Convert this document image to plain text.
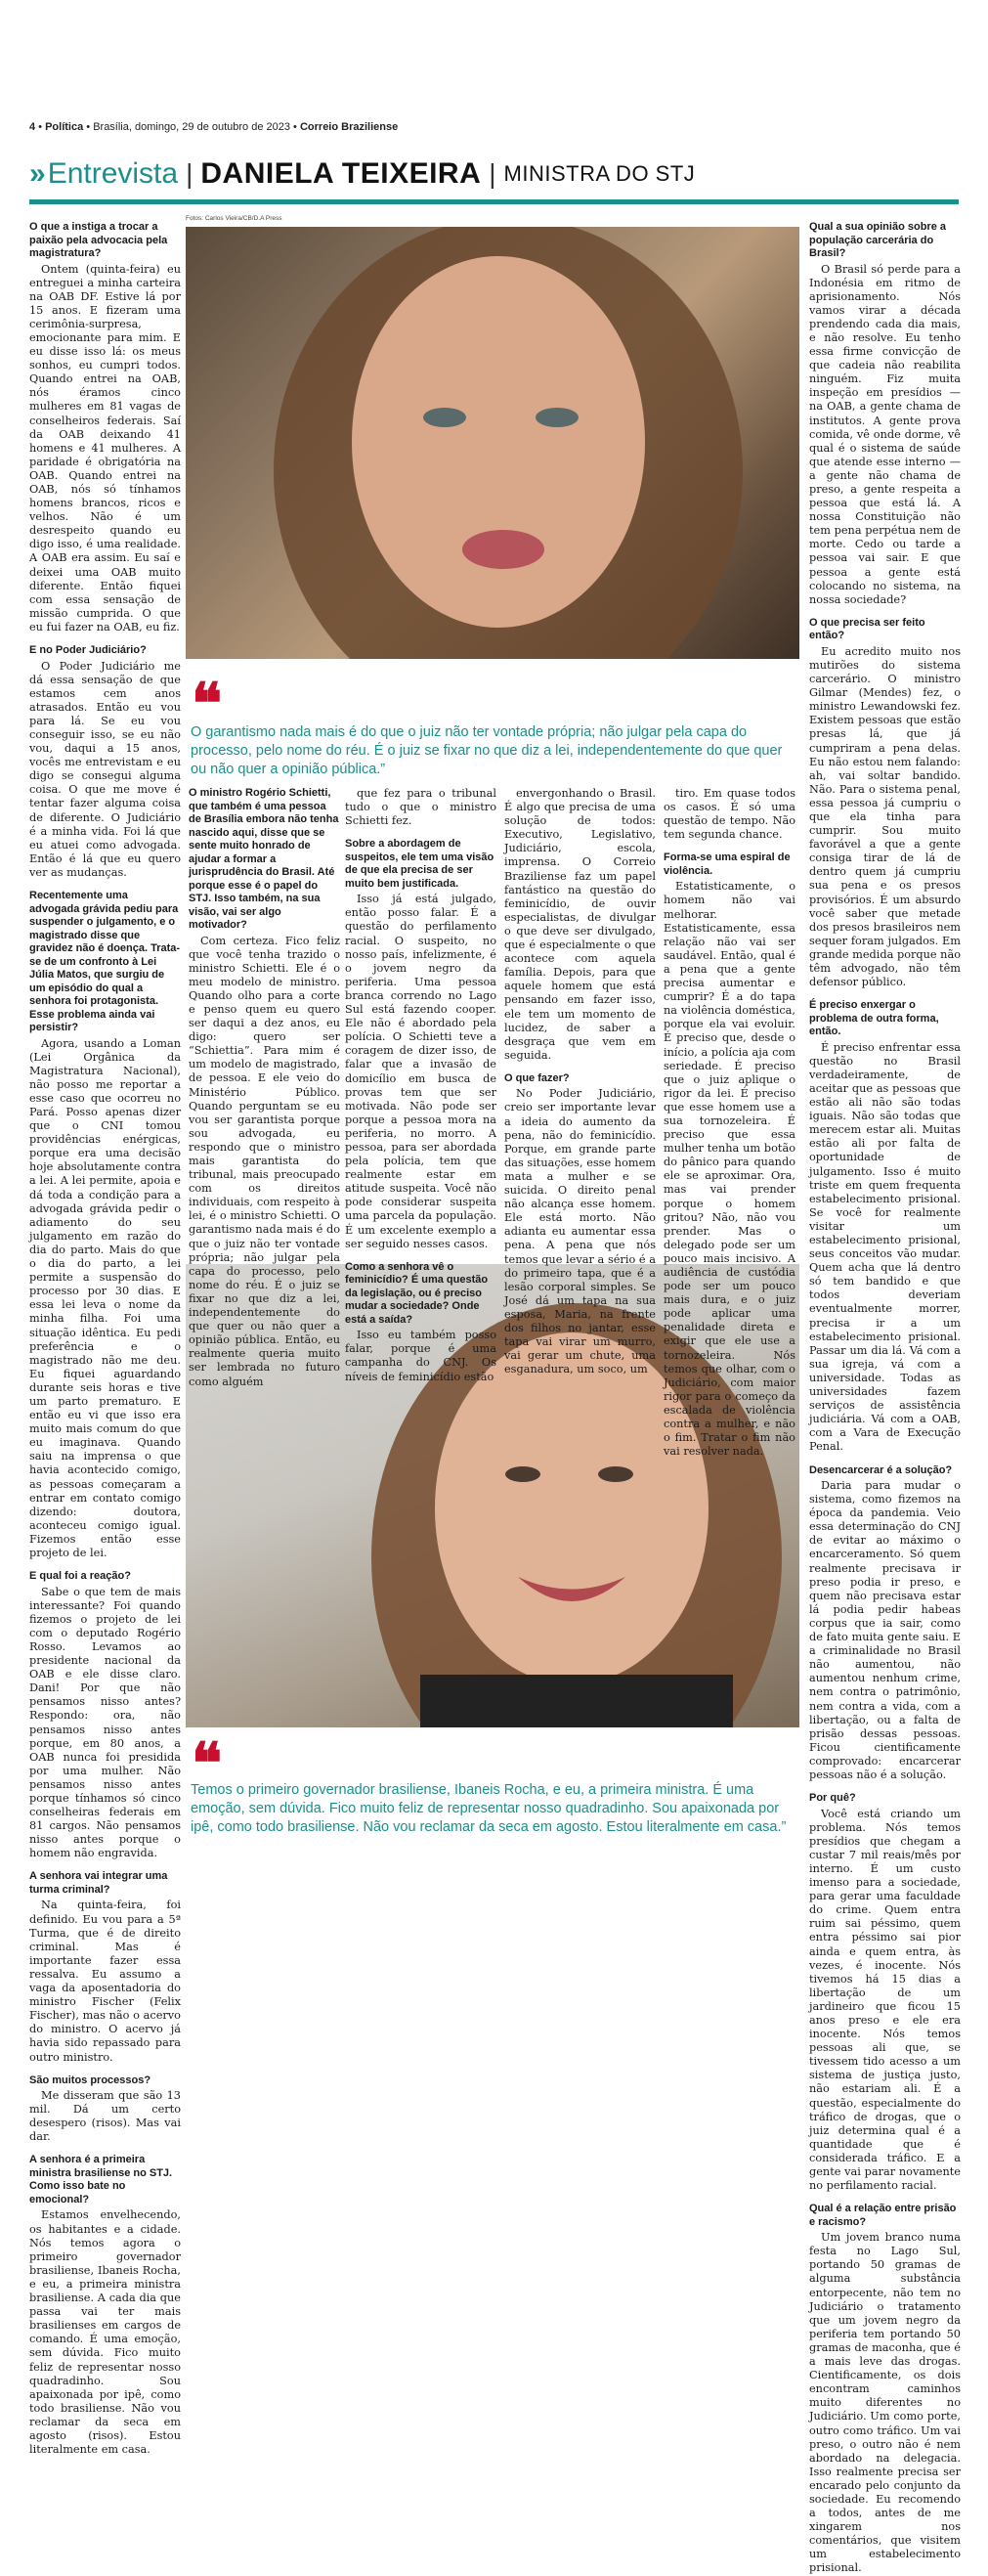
4 • Política • Brasília, domingo, 29 de outubro de 2023 • Correio Braziliense
» Entrevista | DANIELA TEIXEIRA | MINISTRA DO STJ
Fotos: Carlos Vieira/CB/D.A Press
❝
O garantismo nada mais é do que o juiz não ter vontade própria; não julgar pela capa do processo, pelo nome do réu. É o juiz se fixar no que diz a lei, independentemente do que quer ou não quer a opinião pública.”
❝
Temos o primeiro governador brasiliense, Ibaneis Rocha, e eu, a primeira ministra. É uma emoção, sem dúvida. Fico muito feliz de representar nosso quadradinho. Sou apaixonada por ipê, como todo brasiliense. Não vou reclamar da seca em agosto. Estou literalmente em casa.”

O que a instiga a trocar a paixão pela advocacia pela magistratura?

Ontem (quinta-feira) eu entreguei a minha carteira na OAB DF. Estive lá por 15 anos. E fizeram uma cerimônia-surpresa, emocionante para mim. E eu disse isso lá: os meus sonhos, eu cumpri todos. Quando entrei na OAB, nós éramos cinco mulheres em 81 vagas de conselheiros federais. Saí da OAB deixando 41 homens e 41 mulheres. A paridade é obrigatória na OAB. Quando entrei na OAB, nós só tínhamos homens brancos, ricos e velhos. Não é um desrespeito quando eu digo isso, é uma realidade. A OAB era assim. Eu saí e deixei uma OAB muito diferente. Então fiquei com essa sensação de missão cumprida. O que eu fui fazer na OAB, eu fiz.

E no Poder Judiciário?

O Poder Judiciário me dá essa sensação de que estamos cem anos atrasados. Então eu vou para lá. Se eu vou conseguir isso, se eu não vou, daqui a 15 anos, vocês me entrevistam e eu digo se consegui alguma coisa. O que me move é tentar fazer alguma coisa de diferente. O Judiciário é a minha vida. Foi lá que eu atuei como advogada. Então é lá que eu quero ver as mudanças.

Recentemente uma advogada grávida pediu para suspender o julgamento, e o magistrado disse que gravidez não é doença. Trata-se de um confronto à Lei Júlia Matos, que surgiu de um episódio do qual a senhora foi protagonista. Esse problema ainda vai persistir?

Agora, usando a Loman (Lei Orgânica da Magistratura Nacional), não posso me reportar a esse caso que ocorreu no Pará. Posso apenas dizer que o CNI tomou providências enérgicas, porque era uma decisão hoje absolutamente contra a lei. A lei permite, apoia e dá toda a condição para a advogada grávida pedir o adiamento do seu julgamento em razão do dia do parto. Mais do que o dia do parto, a lei permite a suspensão do processo por 30 dias. E essa lei leva o nome da minha filha. Foi uma situação idêntica. Eu pedi preferência e o magistrado não me deu. Eu fiquei aguardando durante seis horas e tive um parto prematuro. E então eu vi que isso era muito mais comum do que eu imaginava. Quando saiu na imprensa o que havia acontecido comigo, as pessoas começaram a entrar em contato comigo dizendo: doutora, aconteceu comigo igual. Fizemos então esse projeto de lei.

E qual foi a reação?

Sabe o que tem de mais interessante? Foi quando fizemos o projeto de lei com o deputado Rogério Rosso. Levamos ao presidente nacional da OAB e ele disse claro. Dani! Por que não pensamos nisso antes? Respondo: ora, não pensamos nisso antes porque, em 80 anos, a OAB nunca foi presidida por uma mulher. Não pensamos nisso antes porque tínhamos só cinco conselheiras federais em 81 cargos. Não pensamos nisso antes porque o homem não engravida.

A senhora vai integrar uma turma criminal?

Na quinta-feira, foi definido. Eu vou para a 5ª Turma, que é de direito criminal. Mas é importante fazer essa ressalva. Eu assumo a vaga da aposentadoria do ministro Fischer (Felix Fischer), mas não o acervo do ministro. O acervo já havia sido repassado para outro ministro.

São muitos processos?

Me disseram que são 13 mil. Dá um certo desespero (risos). Mas vai dar.

A senhora é a primeira ministra brasiliense no STJ. Como isso bate no emocional?

Estamos envelhecendo, os habitantes e a cidade. Nós temos agora o primeiro governador brasiliense, Ibaneis Rocha, e eu, a primeira ministra brasiliense. A cada dia que passa vai ter mais brasilienses em cargos de comando. É uma emoção, sem dúvida. Fico muito feliz de representar nosso quadradinho. Sou apaixonada por ipê, como todo brasiliense. Não vou reclamar da seca em agosto (risos). Estou literalmente em casa.

O ministro Rogério Schietti, que também é uma pessoa de Brasília embora não tenha nascido aqui, disse que se sente muito honrado de ajudar a formar a jurisprudência do Brasil. Até porque esse é o papel do STJ. Isso também, na sua visão, vai ser algo motivador?

Com certeza. Fico feliz que você tenha trazido o ministro Schietti. Ele é o meu modelo de ministro. Quando olho para a corte e penso quem eu quero ser daqui a dez anos, eu digo: quero ser “Schiettia”. Para mim é um modelo de magistrado, de pessoa. E ele veio do Ministério Público. Quando perguntam se eu vou ser garantista porque sou advogada, eu respondo que o ministro mais garantista do tribunal, mais preocupado com os direitos individuais, com respeito à lei, é o ministro Schietti. O garantismo nada mais é do que o juiz não ter vontade própria; não julgar pela capa do processo, pelo nome do réu. É o juiz se fixar no que diz a lei, independentemente do que quer ou não quer a opinião pública. Então, eu realmente queria muito ser lembrada no futuro como alguém

que fez para o tribunal tudo o que o ministro Schietti fez.

Sobre a abordagem de suspeitos, ele tem uma visão de que ela precisa de ser muito bem justificada.

Isso já está julgado, então posso falar. É a questão do perfilamento racial. O suspeito, no nosso país, infelizmente, é o jovem negro da periferia. Uma pessoa branca correndo no Lago Sul está fazendo cooper. Ele não é abordado pela polícia. O Schietti teve a coragem de dizer isso, de falar que a invasão de domicílio em busca de provas tem que ser motivada. Não pode ser porque a pessoa mora na periferia, no morro. A pessoa, para ser abordada pela polícia, tem que realmente estar em atitude suspeita. Você não pode considerar suspeita uma parcela da população. É um excelente exemplo a ser seguido nesses casos.

Como a senhora vê o feminicídio? É uma questão da legislação, ou é preciso mudar a sociedade? Onde está a saída?

Isso eu também posso falar, porque é uma campanha do CNJ. Os níveis de feminicídio estão

envergonhando o Brasil. É algo que precisa de uma solução de todos: Executivo, Legislativo, Judiciário, escola, imprensa. O Correio Braziliense faz um papel fantástico na questão do feminicídio, de ouvir especialistas, de divulgar o que deve ser divulgado, que é especialmente o que acontece com aquela família. Depois, para que aquele homem que está pensando em fazer isso, ele tem um momento de lucidez, de saber a desgraça que vem em seguida.

O que fazer?

No Poder Judiciário, creio ser importante levar a ideia do aumento da pena, não do feminicídio. Porque, em grande parte das situações, esse homem mata a mulher e se suicida. O direito penal não alcança esse homem. Ele está morto. Não adianta eu aumentar essa pena. A pena que nós temos que levar a sério é a do primeiro tapa, que é a lesão corporal simples. Se José dá um tapa na sua esposa, Maria, na frente dos filhos no jantar, esse tapa vai virar um murro, vai gerar um chute, uma esganadura, um soco, um

tiro. Em quase todos os casos. É só uma questão de tempo. Não tem segunda chance.

Forma-se uma espiral de violência.

Estatisticamente, o homem não vai melhorar. Estatisticamente, essa relação não vai ser saudável. Então, qual é a pena que a gente precisa aumentar e cumprir? É a do tapa na violência doméstica, porque ela vai evoluir. É preciso que, desde o início, a polícia aja com seriedade. É preciso que o juiz aplique o rigor da lei. É preciso que esse homem use a sua tornozeleira. É preciso que essa mulher tenha um botão do pânico para quando ele se aproximar. Ora, mas vai prender porque o homem gritou? Não, não vou prender. Mas o delegado pode ser um pouco mais incisivo. A audiência de custódia pode ser um pouco mais dura, e o juiz pode aplicar uma penalidade direta e exigir que ele use a tornozeleira. Nós temos que olhar, com o Judiciário, com maior rigor para o começo da escalada de violência contra a mulher, e não o fim. Tratar o fim não vai resolver nada.

Qual a sua opinião sobre a população carcerária do Brasil?

O Brasil só perde para a Indonésia em ritmo de aprisionamento. Nós vamos virar a década prendendo cada dia mais, e não resolve. Eu tenho essa firme convicção de que cadeia não reabilita ninguém. Fiz muita inspeção em presídios — na OAB, a gente chama de institutos. A gente prova comida, vê onde dorme, vê qual é o sistema de saúde que atende esse interno — a gente não chama de preso, a gente respeita a pessoa que está lá. A nossa Constituição não tem pena perpétua nem de morte. Cedo ou tarde a pessoa vai sair. E que pessoa a gente está colocando no sistema, na nossa sociedade?

O que precisa ser feito então?

Eu acredito muito nos mutirões do sistema carcerário. O ministro Gilmar (Mendes) fez, o ministro Lewandowski fez. Existem pessoas que estão presas lá, que já cumpriram a pena delas. Eu não estou nem falando: ah, vai soltar bandido. Não. Para o sistema penal, essa pessoa já cumpriu o que ela tinha para cumprir. Sou muito favorável a que a gente consiga tirar de lá de dentro quem já cumpriu sua pena e os presos provisórios. É um absurdo você saber que metade dos presos brasileiros nem sequer foram julgados. Em grande medida porque não têm advogado, não têm defensor público.

É preciso enxergar o problema de outra forma, então.

É preciso enfrentar essa questão no Brasil verdadeiramente, de aceitar que as pessoas que estão ali não são todas iguais. Não são todas que merecem estar ali. Muitas estão ali por falta de oportunidade de julgamento. Isso é muito triste em quem frequenta estabelecimento prisional. Se você for realmente visitar um estabelecimento prisional, seus conceitos vão mudar. Quem acha que lá dentro só tem bandido e que todos deveriam eventualmente morrer, precisa ir a um estabelecimento prisional. Passar um dia lá. Vá com a sua igreja, vá com a universidade. Todas as universidades fazem serviços de assistência judiciária. Vá com a OAB, com a Vara de Execução Penal.

Desencarcerar é a solução?

Daria para mudar o sistema, como fizemos na época da pandemia. Veio essa determinação do CNJ de evitar ao máximo o encarceramento. Só quem realmente precisava ir preso podia ir preso, e quem não precisava estar lá podia pedir habeas corpus que ia sair, como de fato muita gente saiu. E a criminalidade no Brasil não aumentou, não aumentou nenhum crime, nem contra o patrimônio, nem contra a vida, com a libertação, ou a falta de prisão dessas pessoas. Ficou cientificamente comprovado: encarcerar pessoas não é a solução.

Por quê?

Você está criando um problema. Nós temos presídios que chegam a custar 7 mil reais/mês por interno. É um custo imenso para a sociedade, para gerar uma faculdade do crime. Quem entra ruim sai péssimo, quem entra péssimo sai pior ainda e quem entra, às vezes, é inocente. Nós tivemos há 15 dias a libertação de um jardineiro que ficou 15 anos preso e ele era inocente. Nós temos pessoas ali que, se tivessem tido acesso a um sistema de justiça justo, não estariam ali. É a questão, especialmente do tráfico de drogas, que o juiz determina qual é a quantidade que é considerada tráfico. E a gente vai parar novamente no perfilamento racial.

Qual é a relação entre prisão e racismo?

Um jovem branco numa festa no Lago Sul, portando 50 gramas de alguma substância entorpecente, não tem no Judiciário o tratamento que um jovem negro da periferia tem portando 50 gramas de maconha, que é a mais leve das drogas. Cientificamente, os dois encontram caminhos muito diferentes no Judiciário. Um como porte, outro como tráfico. Um vai preso, o outro não é nem abordado na delegacia. Isso realmente precisa ser encarado pelo conjunto da sociedade. Eu recomendo a todos, antes de me xingarem nos comentários, que visitem um estabelecimento prisional.
